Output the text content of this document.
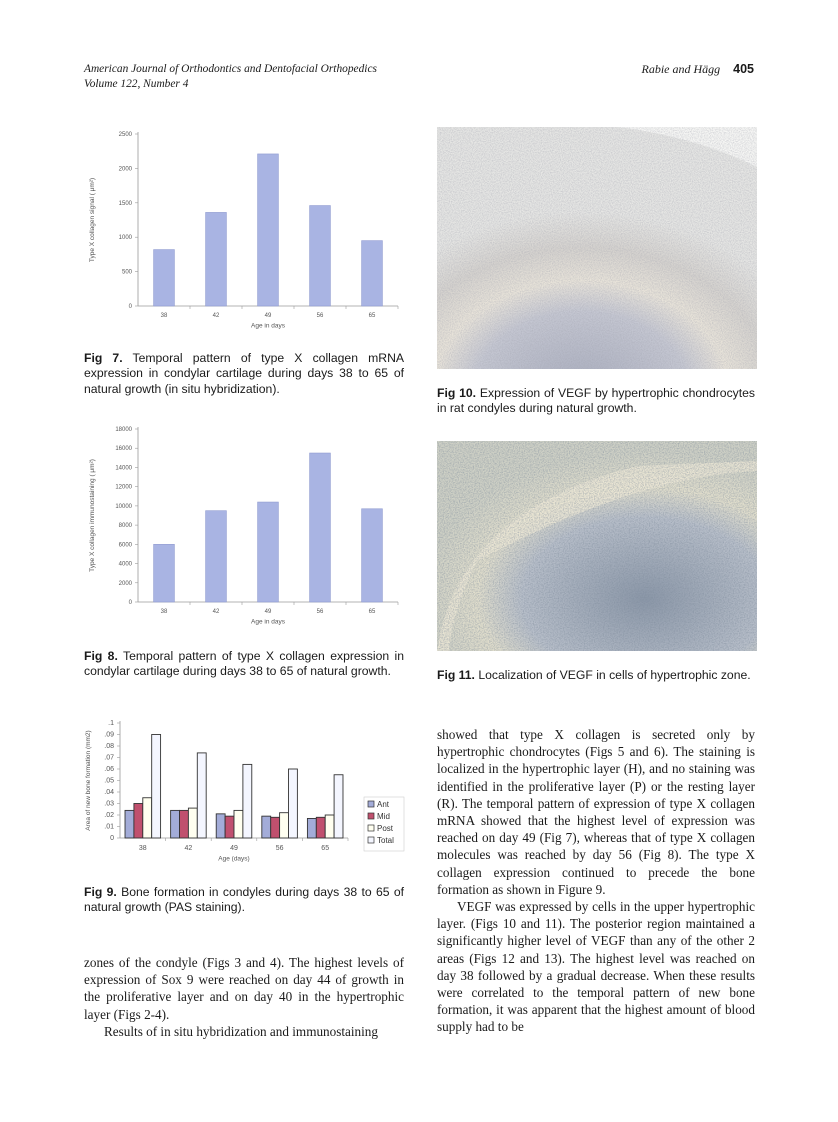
American Journal of Orthodontics and Dentofacial Orthopedics
Volume 122, Number 4
Rabie and Hägg 405
0
500
1000
1500
2000
2500
Type X collagen signal ( μm²)
38	42	49	56	65
Age in days
Fig 7. Temporal pattern of type X collagen mRNA expression in condylar cartilage during days 38 to 65 of natural growth (in situ hybridization).
0
2000
4000
6000
8000
10000
12000
14000
16000
18000
Type X collagen immunostaining ( μm²)
38	42	49	56	65
Age in days
Fig 8. Temporal pattern of type X collagen expression in condylar cartilage during days 38 to 65 of natural growth.
0
.01
.02
.03
.04
.05
.06
.07
.08
.09
.1
Area of new bone formation (mm2)
38	42	49	56	65
Age (days)
Ant
Mid
Post
Total
Fig 9. Bone formation in condyles during days 38 to 65 of natural growth (PAS staining).

zones of the condyle (Figs 3 and 4). The highest levels of expression of Sox 9 were reached on day 44 of growth in the proliferative layer and on day 40 in the hypertrophic layer (Figs 2-4).

Results of in situ hybridization and immunostaining

Fig 10. Expression of VEGF by hypertrophic chondrocytes in rat condyles during natural growth.
Fig 11. Localization of VEGF in cells of hypertrophic zone.

showed that type X collagen is secreted only by hypertrophic chondrocytes (Figs 5 and 6). The staining is localized in the hypertrophic layer (H), and no staining was identified in the proliferative layer (P) or the resting layer (R). The temporal pattern of expression of type X collagen mRNA showed that the highest level of expression was reached on day 49 (Fig 7), whereas that of type X collagen molecules was reached by day 56 (Fig 8). The type X collagen expression continued to precede the bone formation as shown in Figure 9.

VEGF was expressed by cells in the upper hypertrophic layer. (Figs 10 and 11). The posterior region maintained a significantly higher level of VEGF than any of the other 2 areas (Figs 12 and 13). The highest level was reached on day 38 followed by a gradual decrease. When these results were correlated to the temporal pattern of new bone formation, it was apparent that the highest amount of blood supply had to be
